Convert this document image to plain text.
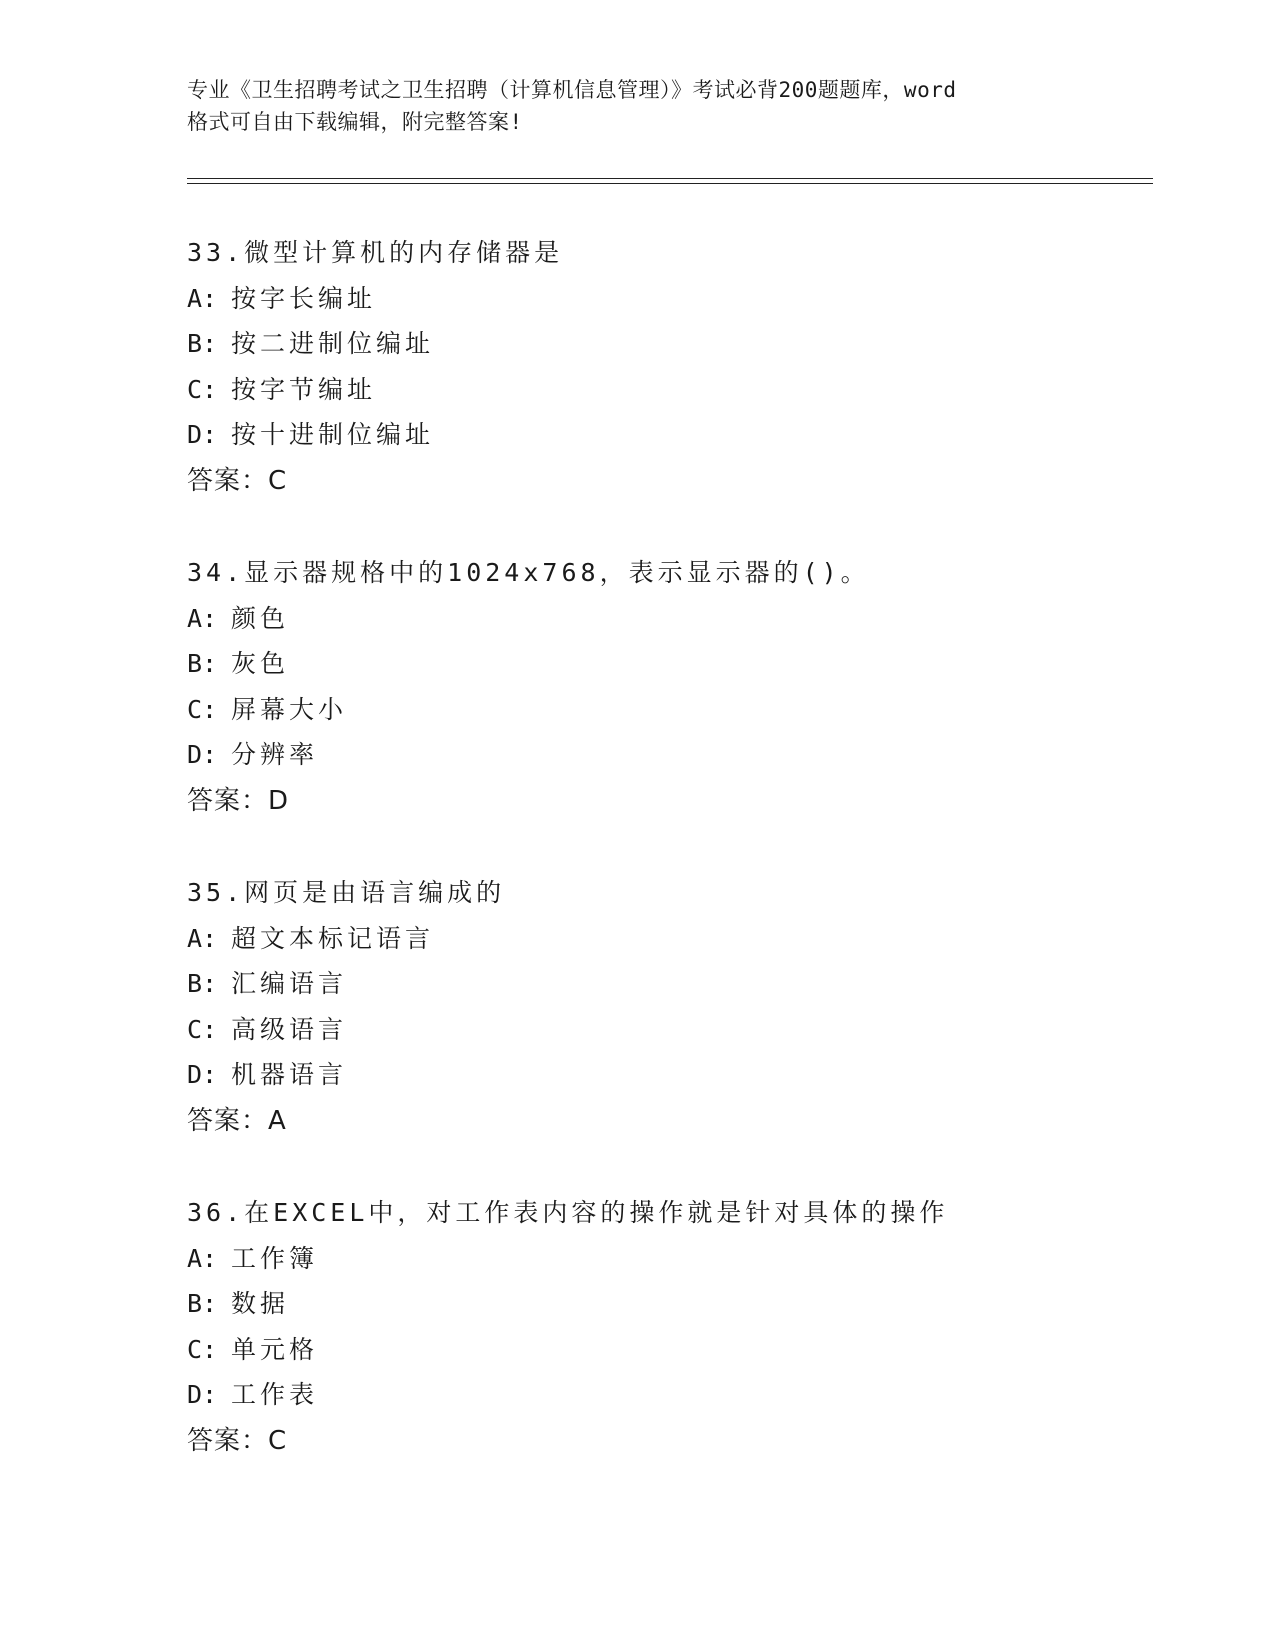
专业《卫生招聘考试之卫生招聘（计算机信息管理）》考试必背200题题库，word
格式可自由下载编辑，附完整答案!
33.微型计算机的内存储器是
A: 按字长编址
B: 按二进制位编址
C: 按字节编址
D: 按十进制位编址
答案：C
34.显示器规格中的1024x768，表示显示器的()。
A: 颜色
B: 灰色
C: 屏幕大小
D: 分辨率
答案：D
35.网页是由语言编成的
A: 超文本标记语言
B: 汇编语言
C: 高级语言
D: 机器语言
答案：A
36.在EXCEL中，对工作表内容的操作就是针对具体的操作
A: 工作簿
B: 数据
C: 单元格
D: 工作表
答案：C
